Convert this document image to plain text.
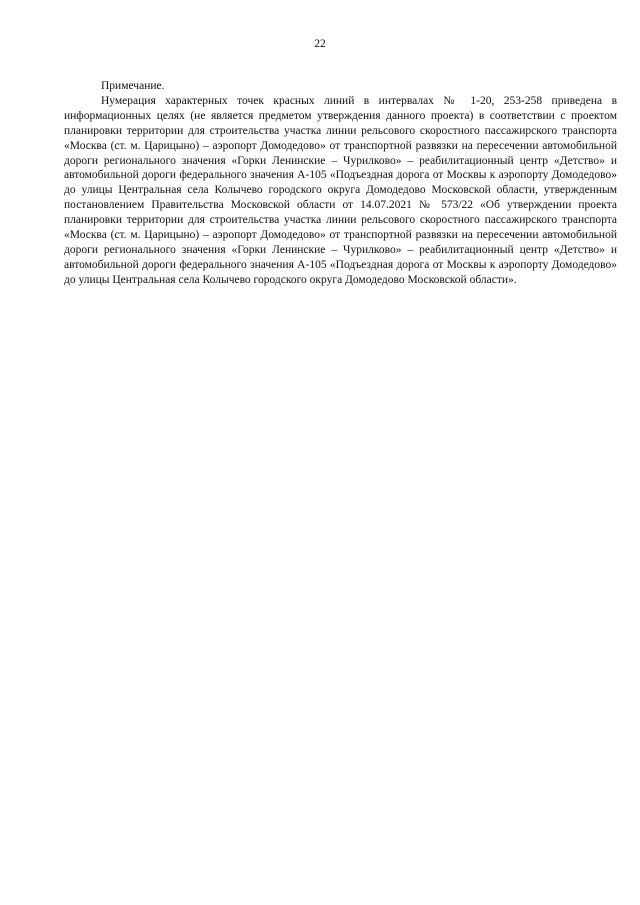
22

Примечание.

Нумерация характерных точек красных линий в интервалах № 1-20, 253-258 приведена в информационных целях (не является предметом утверждения данного проекта) в соответствии с проектом планировки территории для строительства участка линии рельсового скоростного пассажирского транспорта «Москва (ст. м. Царицыно) – аэропорт Домодедово» от транспортной развязки на пересечении автомобильной дороги регионального значения «Горки Ленинские – Чурилково» – реабилитационный центр «Детство» и автомобильной дороги федерального значения А-105 «Подъездная дорога от Москвы к аэропорту Домодедово» до улицы Центральная села Колычево городского округа Домодедово Московской области, утвержденным постановлением Правительства Московской области от 14.07.2021 № 573/22 «Об утверждении проекта планировки территории для строительства участка линии рельсового скоростного пассажирского транспорта «Москва (ст. м. Царицыно) – аэропорт Домодедово» от транспортной развязки на пересечении автомобильной дороги регионального значения «Горки Ленинские – Чурилково» – реабилитационный центр «Детство» и автомобильной дороги федерального значения А-105 «Подъездная дорога от Москвы к аэропорту Домодедово» до улицы Центральная села Колычево городского округа Домодедово Московской области».
